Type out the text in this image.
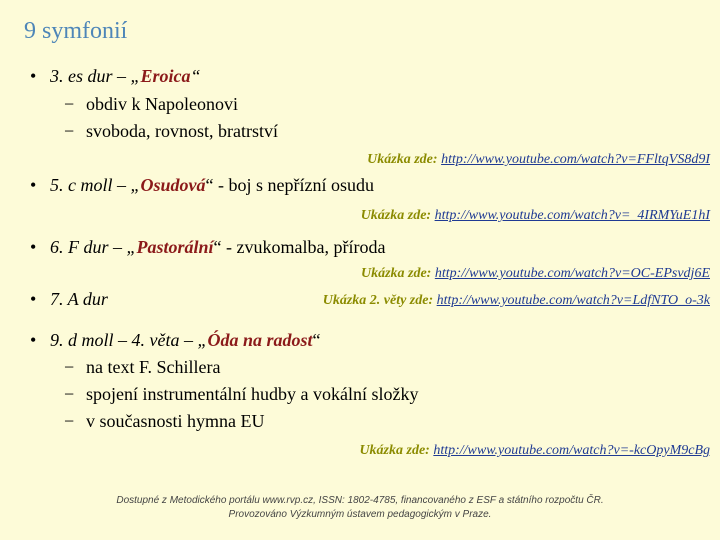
9 symfonií
• 3. es dur – „Eroica“
− obdiv k Napoleonovi
− svoboda, rovnost, bratrství
Ukázka zde: http://www.youtube.com/watch?v=FFltqVS8d9I
• 5. c moll – „Osudová“ - boj s nepřízní osudu
Ukázka zde: http://www.youtube.com/watch?v=_4IRMYuE1hI
• 6. F dur – „Pastorální“ - zvukomalba, příroda
Ukázka zde: http://www.youtube.com/watch?v=OC-EPsvdj6E
• 7. A dur	Ukázka 2. věty zde: http://www.youtube.com/watch?v=LdfNTO_o-3k
• 9. d moll – 4. věta – „Óda na radost“
− na text F. Schillera
− spojení instrumentální hudby a vokální složky
− v současnosti hymna EU
Ukázka zde: http://www.youtube.com/watch?v=-kcOpyM9cBg
Dostupné z Metodického portálu www.rvp.cz, ISSN: 1802-4785, financovaného z ESF a státního rozpočtu ČR.
Provozováno Výzkumným ústavem pedagogickým v Praze.
